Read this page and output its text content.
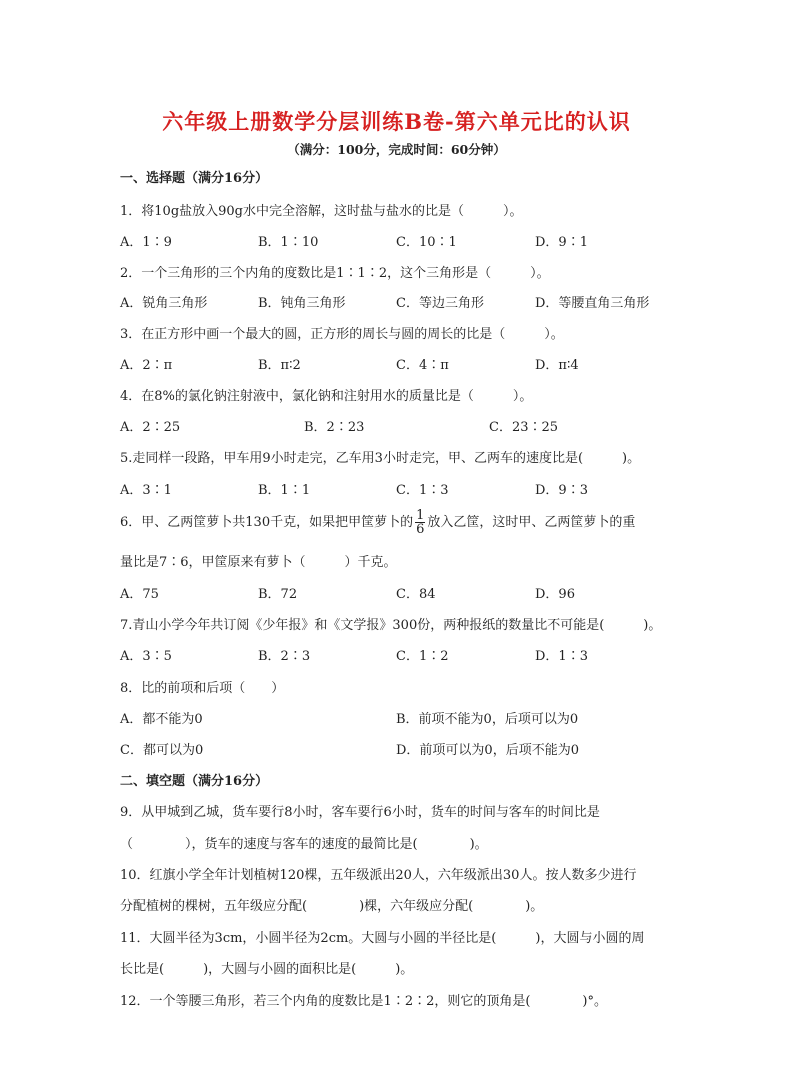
六年级上册数学分层训练B卷-第六单元比的认识
（满分：100分，完成时间：60分钟）
一、选择题（满分16分）
1．将10g盐放入90g水中完全溶解，这时盐与盐水的比是（　　　）。
A．1∶9	B．1∶10	C．10∶1	D．9∶1
2．一个三角形的三个内角的度数比是1∶1∶2，这个三角形是（　　　）。
A．锐角三角形	B．钝角三角形	C．等边三角形	D．等腰直角三角形
3．在正方形中画一个最大的圆，正方形的周长与圆的周长的比是（　　　）。
A．2∶π	B．π∶2	C．4∶π	D．π∶4
4．在8%的氯化钠注射液中，氯化钠和注射用水的质量比是（　　　）。
A．2∶25	B．2∶23	C．23∶25
5.走同样一段路，甲车用9小时走完，乙车用3小时走完，甲、乙两车的速度比是(　　　)。
A．3∶1	B．1∶1	C．1∶3	D．9∶3
6．甲、乙两筐萝卜共130千克，如果把甲筐萝卜的 $\frac{1}{6}$ 放入乙筐，这时甲、乙两筐萝卜的重
量比是7∶6，甲筐原来有萝卜（　　　）千克。
A．75	B．72	C．84	D．96
7.青山小学今年共订阅《少年报》和《文学报》300份，两种报纸的数量比不可能是(　　　)。
A．3∶5	B．2∶3	C．1∶2	D．1∶3
8．比的前项和后项（　　）
A．都不能为0	B．前项不能为0，后项可以为0
C．都可以为0	D．前项可以为0，后项不能为0
二、填空题（满分16分）
9．从甲城到乙城，货车要行8小时，客车要行6小时，货车的时间与客车的时间比是
（　　　　），货车的速度与客车的速度的最简比是(　　　　)。
10．红旗小学全年计划植树120棵，五年级派出20人，六年级派出30人。按人数多少进行
分配植树的棵树，五年级应分配(　　　　)棵，六年级应分配(　　　　)。
11．大圆半径为3cm，小圆半径为2cm。大圆与小圆的半径比是(　　　)，大圆与小圆的周
长比是(　　　)，大圆与小圆的面积比是(　　　)。
12．一个等腰三角形，若三个内角的度数比是1∶2∶2，则它的顶角是(　　　　)°。
